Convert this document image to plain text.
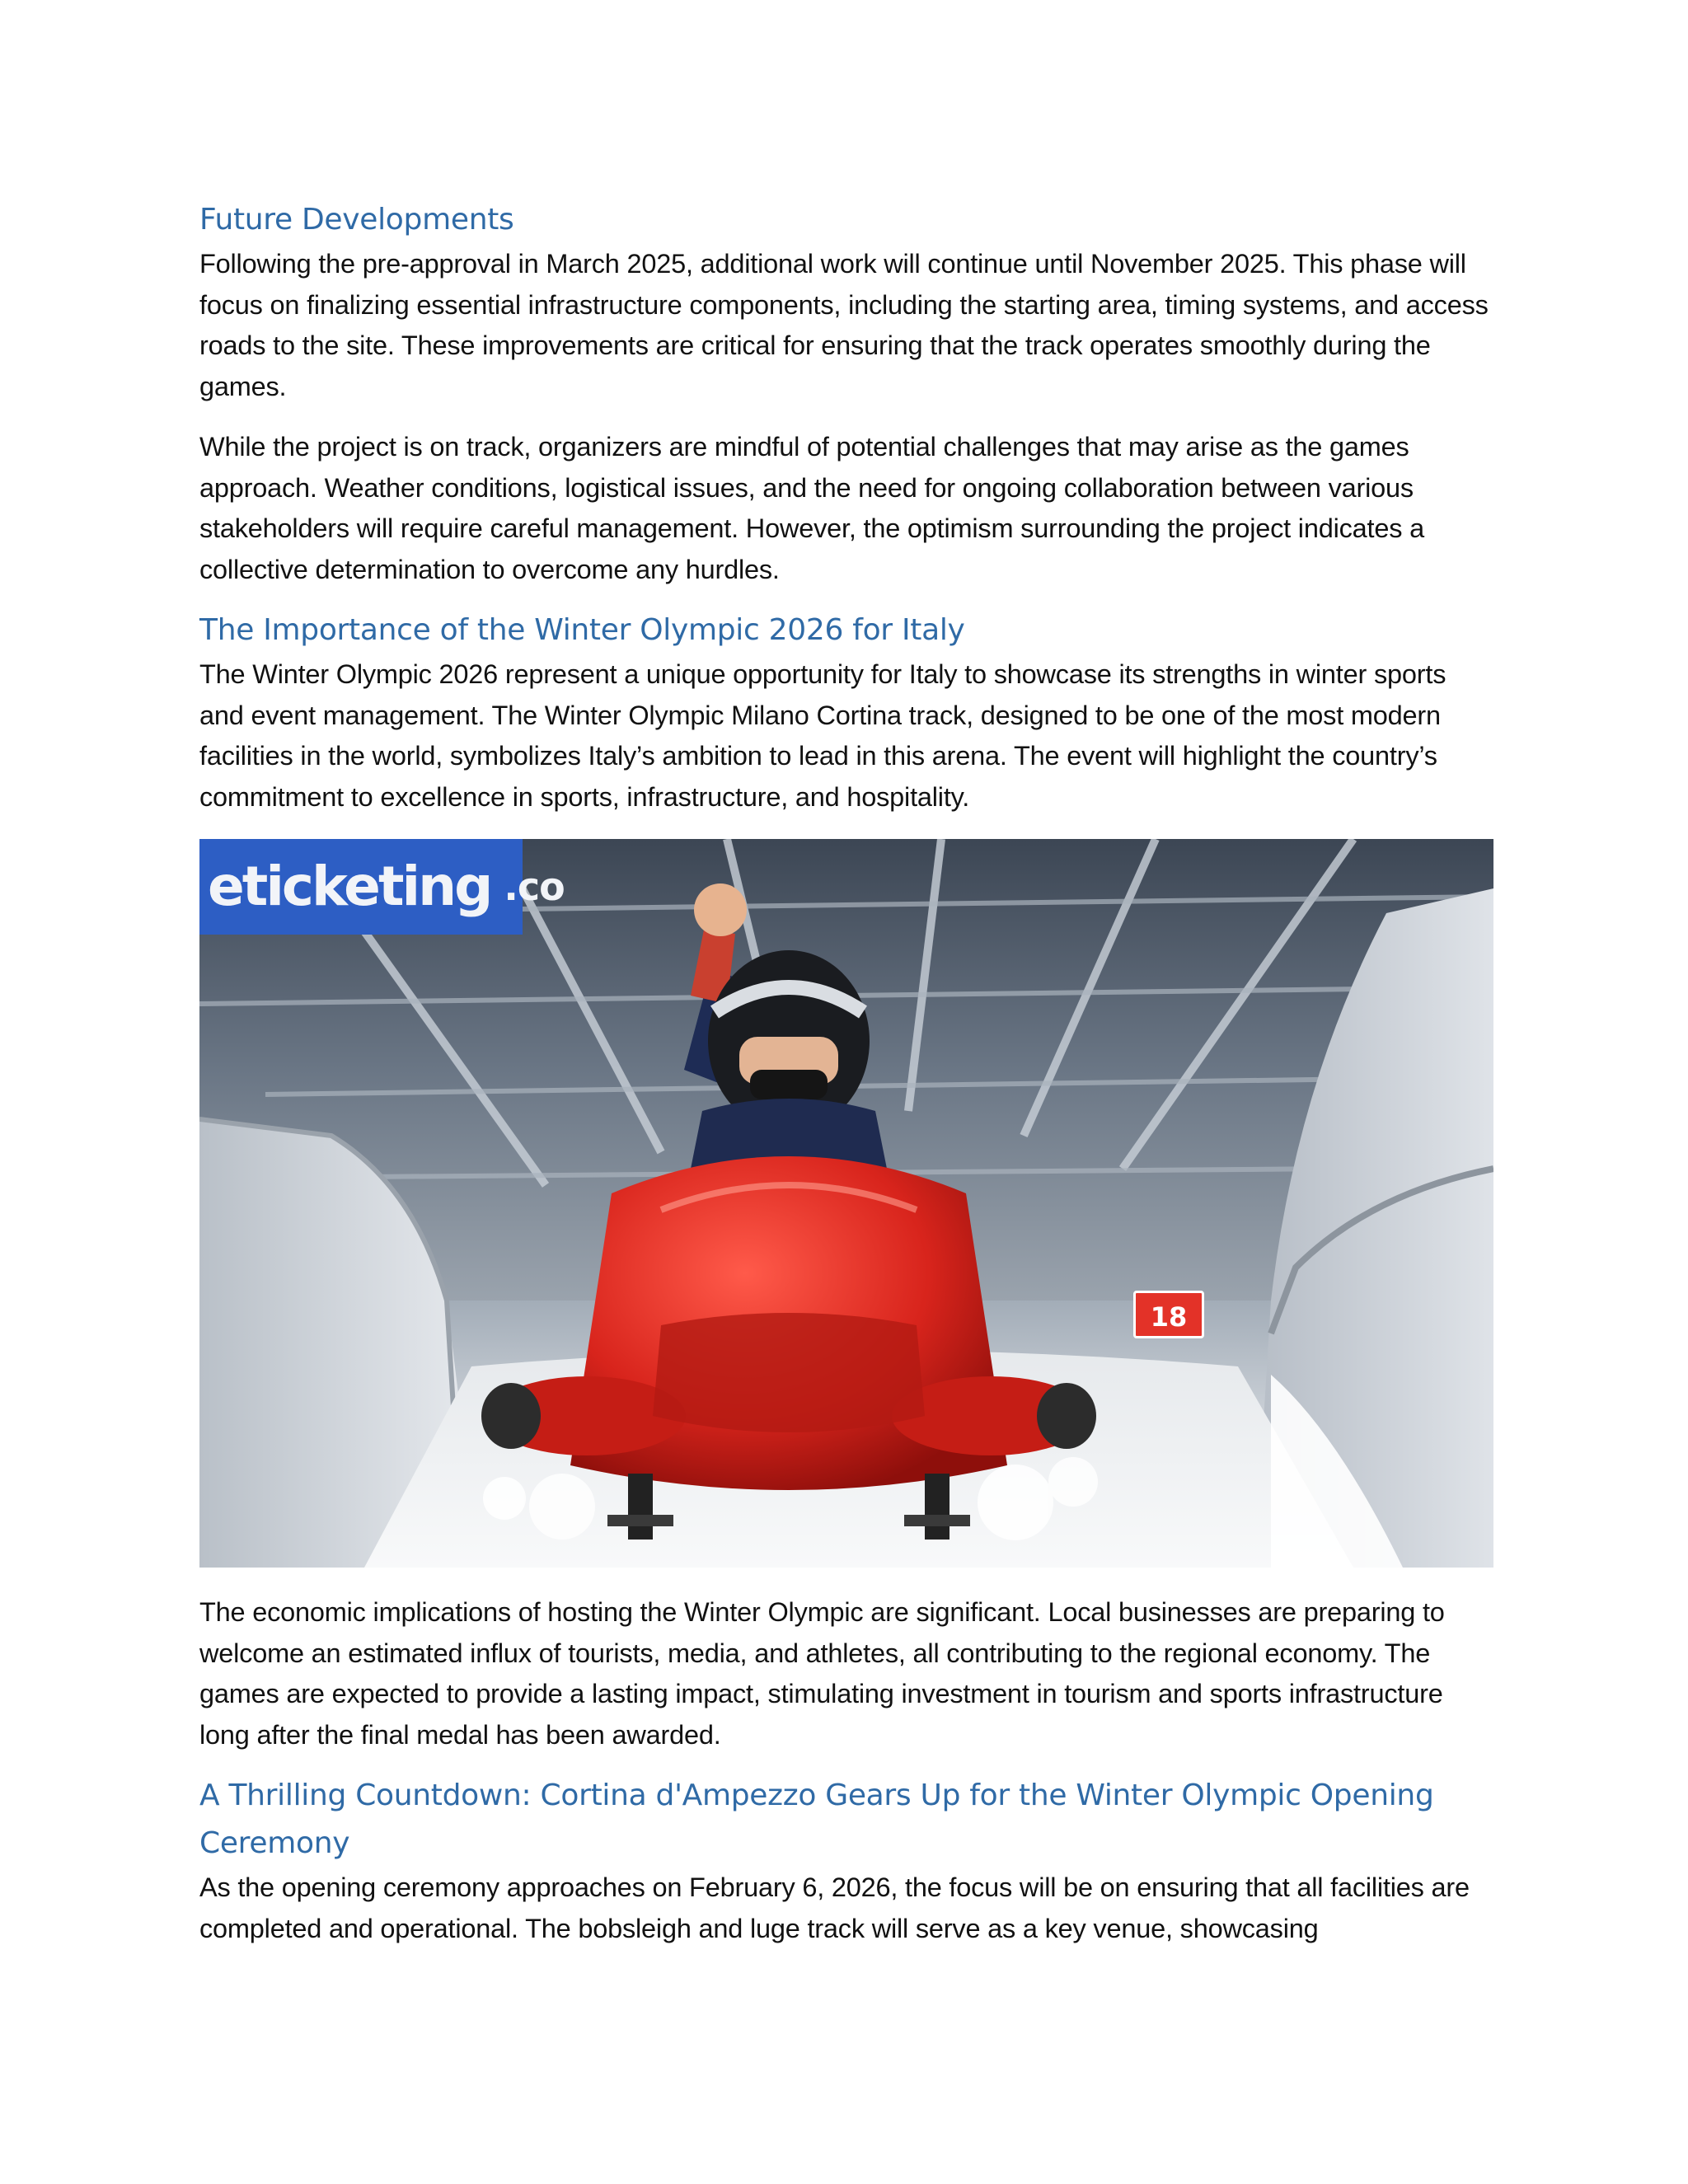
Future Developments

Following the pre-approval in March 2025, additional work will continue until November 2025. This phase will focus on finalizing essential infrastructure components, including the starting area, timing systems, and access roads to the site. These improvements are critical for ensuring that the track operates smoothly during the games.

While the project is on track, organizers are mindful of potential challenges that may arise as the games approach. Weather conditions, logistical issues, and the need for ongoing collaboration between various stakeholders will require careful management. However, the optimism surrounding the project indicates a collective determination to overcome any hurdles.

The Importance of the Winter Olympic 2026 for Italy

The Winter Olympic 2026 represent a unique opportunity for Italy to showcase its strengths in winter sports and event management. The Winter Olympic Milano Cortina track, designed to be one of the most modern facilities in the world, symbolizes Italy’s ambition to lead in this arena. The event will highlight the country’s commitment to excellence in sports, infrastructure, and hospitality.

eticketing .co
18

The economic implications of hosting the Winter Olympic are significant. Local businesses are preparing to welcome an estimated influx of tourists, media, and athletes, all contributing to the regional economy. The games are expected to provide a lasting impact, stimulating investment in tourism and sports infrastructure long after the final medal has been awarded.

A Thrilling Countdown: Cortina d'Ampezzo Gears Up for the Winter Olympic Opening Ceremony

As the opening ceremony approaches on February 6, 2026, the focus will be on ensuring that all facilities are completed and operational. The bobsleigh and luge track will serve as a key venue, showcasing
